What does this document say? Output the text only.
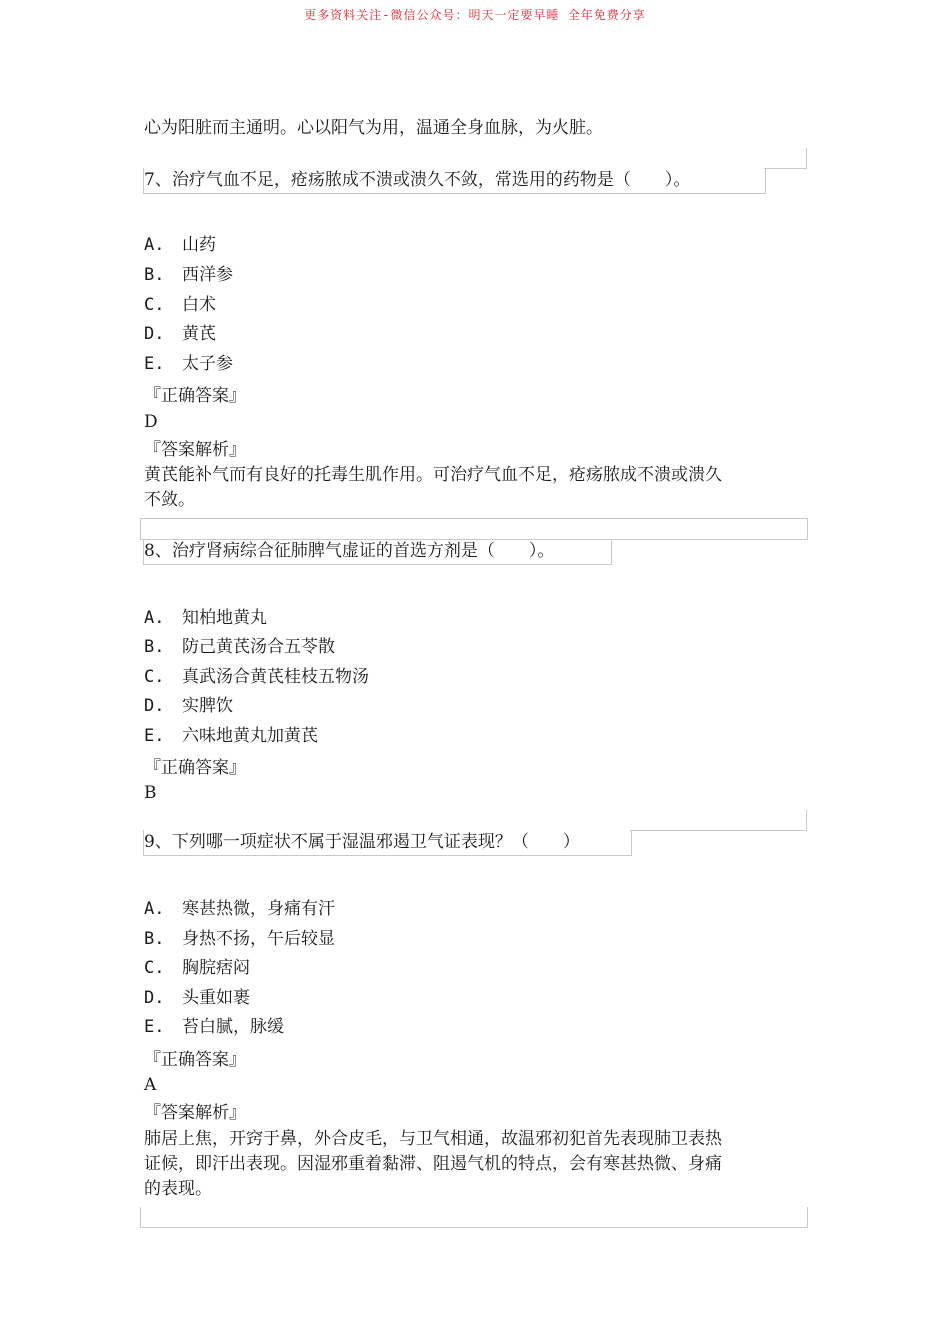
更多资料关注-微信公众号：明天一定要早睡 全年免费分享
心为阳脏而主通明。心以阳气为用，温通全身血脉，为火脏。
7、治疗气血不足，疮疡脓成不溃或溃久不敛，常选用的药物是（　　）。
A. 山药
B. 西洋参
C. 白术
D. 黄芪
E. 太子参
『正确答案』
D
『答案解析』
黄芪能补气而有良好的托毒生肌作用。可治疗气血不足，疮疡脓成不溃或溃久
不敛。
8、治疗肾病综合征肺脾气虚证的首选方剂是（　　）。
A. 知柏地黄丸
B. 防己黄芪汤合五苓散
C. 真武汤合黄芪桂枝五物汤
D. 实脾饮
E. 六味地黄丸加黄芪
『正确答案』
B
9、下列哪一项症状不属于湿温邪遏卫气证表现？（　　）
A. 寒甚热微，身痛有汗
B. 身热不扬，午后较显
C. 胸脘痞闷
D. 头重如裹
E. 苔白腻，脉缓
『正确答案』
A
『答案解析』
肺居上焦，开窍于鼻，外合皮毛，与卫气相通，故温邪初犯首先表现肺卫表热
证候，即汗出表现。因湿邪重着黏滞、阻遏气机的特点，会有寒甚热微、身痛
的表现。
